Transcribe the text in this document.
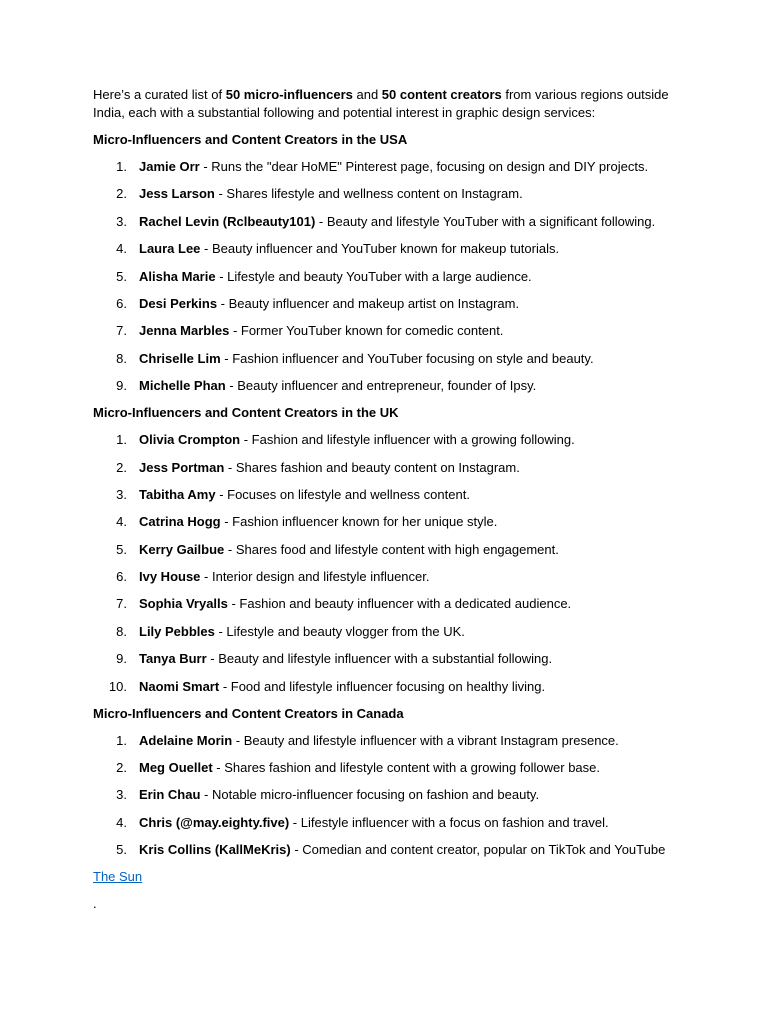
Here’s a curated list of 50 micro-influencers and 50 content creators from various regions outside India, each with a substantial following and potential interest in graphic design services:

Micro-Influencers and Content Creators in the USA
1. Jamie Orr - Runs the "dear HoME" Pinterest page, focusing on design and DIY projects.
2. Jess Larson - Shares lifestyle and wellness content on Instagram.
3. Rachel Levin (Rclbeauty101) - Beauty and lifestyle YouTuber with a significant following.
4. Laura Lee - Beauty influencer and YouTuber known for makeup tutorials.
5. Alisha Marie - Lifestyle and beauty YouTuber with a large audience.
6. Desi Perkins - Beauty influencer and makeup artist on Instagram.
7. Jenna Marbles - Former YouTuber known for comedic content.
8. Chriselle Lim - Fashion influencer and YouTuber focusing on style and beauty.
9. Michelle Phan - Beauty influencer and entrepreneur, founder of Ipsy.
Micro-Influencers and Content Creators in the UK
1. Olivia Crompton - Fashion and lifestyle influencer with a growing following.
2. Jess Portman - Shares fashion and beauty content on Instagram.
3. Tabitha Amy - Focuses on lifestyle and wellness content.
4. Catrina Hogg - Fashion influencer known for her unique style.
5. Kerry Gailbue - Shares food and lifestyle content with high engagement.
6. Ivy House - Interior design and lifestyle influencer.
7. Sophia Vryalls - Fashion and beauty influencer with a dedicated audience.
8. Lily Pebbles - Lifestyle and beauty vlogger from the UK.
9. Tanya Burr - Beauty and lifestyle influencer with a substantial following.
10. Naomi Smart - Food and lifestyle influencer focusing on healthy living.
Micro-Influencers and Content Creators in Canada
1. Adelaine Morin - Beauty and lifestyle influencer with a vibrant Instagram presence.
2. Meg Ouellet - Shares fashion and lifestyle content with a growing follower base.
3. Erin Chau - Notable micro-influencer focusing on fashion and beauty.
4. Chris (@may.eighty.five) - Lifestyle influencer with a focus on fashion and travel.
5. Kris Collins (KallMeKris) - Comedian and content creator, popular on TikTok and YouTube
The Sun
.
